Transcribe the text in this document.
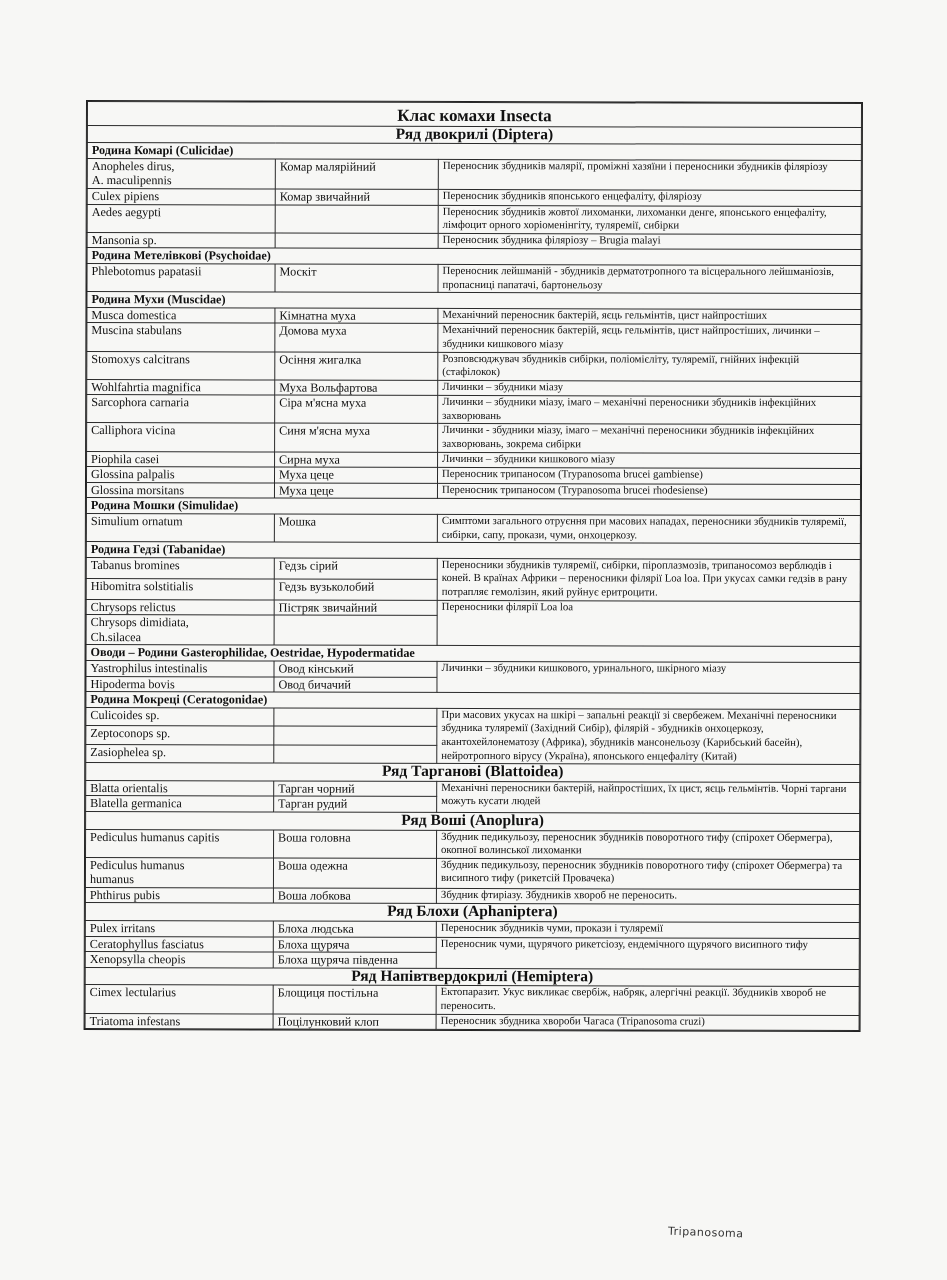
Клас комахи Insecta		
Ряд двокрилі (Diptera)		
Родина Комарі (Culicidae)		

Anopheles dirus,
A. maculipennis	Комар малярійний	Переносник збудників малярії, проміжні хазяїни і переносники збудників філяріозу

Culex pipiens	Комар звичайний	Переносник збудників японського енцефаліту, філяріозу

Aedes aegypti		Переносник збудників жовтої лихоманки, лихоманки денге, японського енцефаліту, лімфоцит орного хоріоменінгіту, туляремії, сибірки

Mansonia sp.		Переносник збудника філяріозу – Brugia malayi
Родина Метелівкові (Psychoidae)		

Phlebotomus papatasii	Москіт	Переносник лейшманій - збудників дерматотропного та вісцерального лейшманіозів, пропасниці папатачі, бартонельозу
Родина Мухи (Muscidae)		

Musca domestica	Кімнатна муха	Механічний переносник бактерій, яєць гельмінтів, цист найпростіших

Muscina stabulans	Домова муха	Механічний переносник бактерій, яєць гельмінтів, цист найпростіших, личинки – збудники кишкового міазу

Stomoxys calcitrans	Осіння жигалка	Розповсюджувач збудників сибірки, поліомієліту, туляремії, гнійних інфекцій (стафілокок)

Wohlfahrtia magnifica	Муха Вольфартова	Личинки – збудники міазу

Sarcophora carnaria	Сіра м'ясна муха	Личинки – збудники міазу, імаго – механічні переносники збудників інфекційних захворювань

Calliphora vicina	Синя м'ясна муха	Личинки - збудники міазу, імаго – механічні переносники збудників інфекційних захворювань, зокрема сибірки

Piophila casei	Сирна муха	Личинки – збудники кишкового міазу

Glossina palpalis	Муха цеце	Переносник трипаносом (Trypanosoma brucei gambiense)

Glossina morsitans	Муха цеце	Переносник трипаносом (Trypanosoma brucei rhodesiense)
Родина Мошки (Simulidae)		

Simulium ornatum	Мошка	Симптоми загального отруєння при масових нападах, переносники збудників туляремії, сибірки, сапу, прокази, чуми, онхоцеркозу.
Родина Гедзі (Tabanidae)		

Tabanus bromines	Гедзь сірий	Переносники збудників туляремії, сибірки, піроплазмозів, трипаносомоз верблюдів і коней. В країнах Африки – переносники філярії Loa loa. При укусах самки гедзів в рану потрапляє гемолізин, який руйнує еритроцити.

Hibomitra solstitialis	Гедзь вузьколобий	

Chrysops relictus	Пістряк звичайний	Переносники філярії Loa loa

Chrysops dimidiata,
Ch.silacea		

Оводи – Родини Gasterophilidae, Oestridae, Hypodermatidae		

Yastrophilus intestinalis	Овод кінський	Личинки – збудники кишкового, уринального, шкірного міазу

Hipoderma bovis	Овод бичачий	
Родина Мокреці (Ceratogonidae)		

Culicoides sp.		При масових укусах на шкірі – запальні реакції зі свербежем. Механічні переносники збудника туляремії (Західний Сибір), філярій - збудників онхоцеркозу, акантохейлонематозу (Африка), збудників мансонельозу (Карибський басейн), нейротропного вірусу (Україна), японського енцефаліту (Китай)

Zeptoconops sp.		

Zasiophelea sp.		

Ряд Тарганові (Blattoidea)		

Blatta orientalis	Тарган чорний	Механічні переносники бактерій, найпростіших, їх цист, яєць гельмінтів. Чорні таргани можуть кусати людей

Blatella germanica	Тарган рудий	
Ряд Воші (Anoplura)		

Pediculus humanus capitis	Воша головна	Збудник педикульозу, переносник збудників поворотного тифу (спірохет Обермегра), окопної волинської лихоманки

Pediculus humanus
humanus	Воша одежна	Збудник педикульозу, переносник збудників поворотного тифу (спірохет Обермегра) та висипного тифу (рикетсій Провачека)

Phthirus pubis	Воша лобкова	Збудник фтиріазу. Збудників хвороб не переносить.
Ряд Блохи (Aphaniptera)		

Pulex irritans	Блоха людська	Переносник збудників чуми, прокази і туляремії

Ceratophyllus fasciatus	Блоха щуряча	Переносник чуми, щурячого рикетсіозу, ендемічного щурячого висипного тифу

Xenopsylla cheopis	Блоха щуряча південна	
Ряд Напівтвердокрилі (Hemiptera)		

Cimex lectularius	Блощиця постільна	Ектопаразит. Укус викликає свербіж, набряк, алергічні реакції. Збудників хвороб не переносить.

Triatoma infestans	Поцілунковий клоп	Переносник збудника хвороби Чагаса (Tripanosoma cruzi)
Tripanosoma
